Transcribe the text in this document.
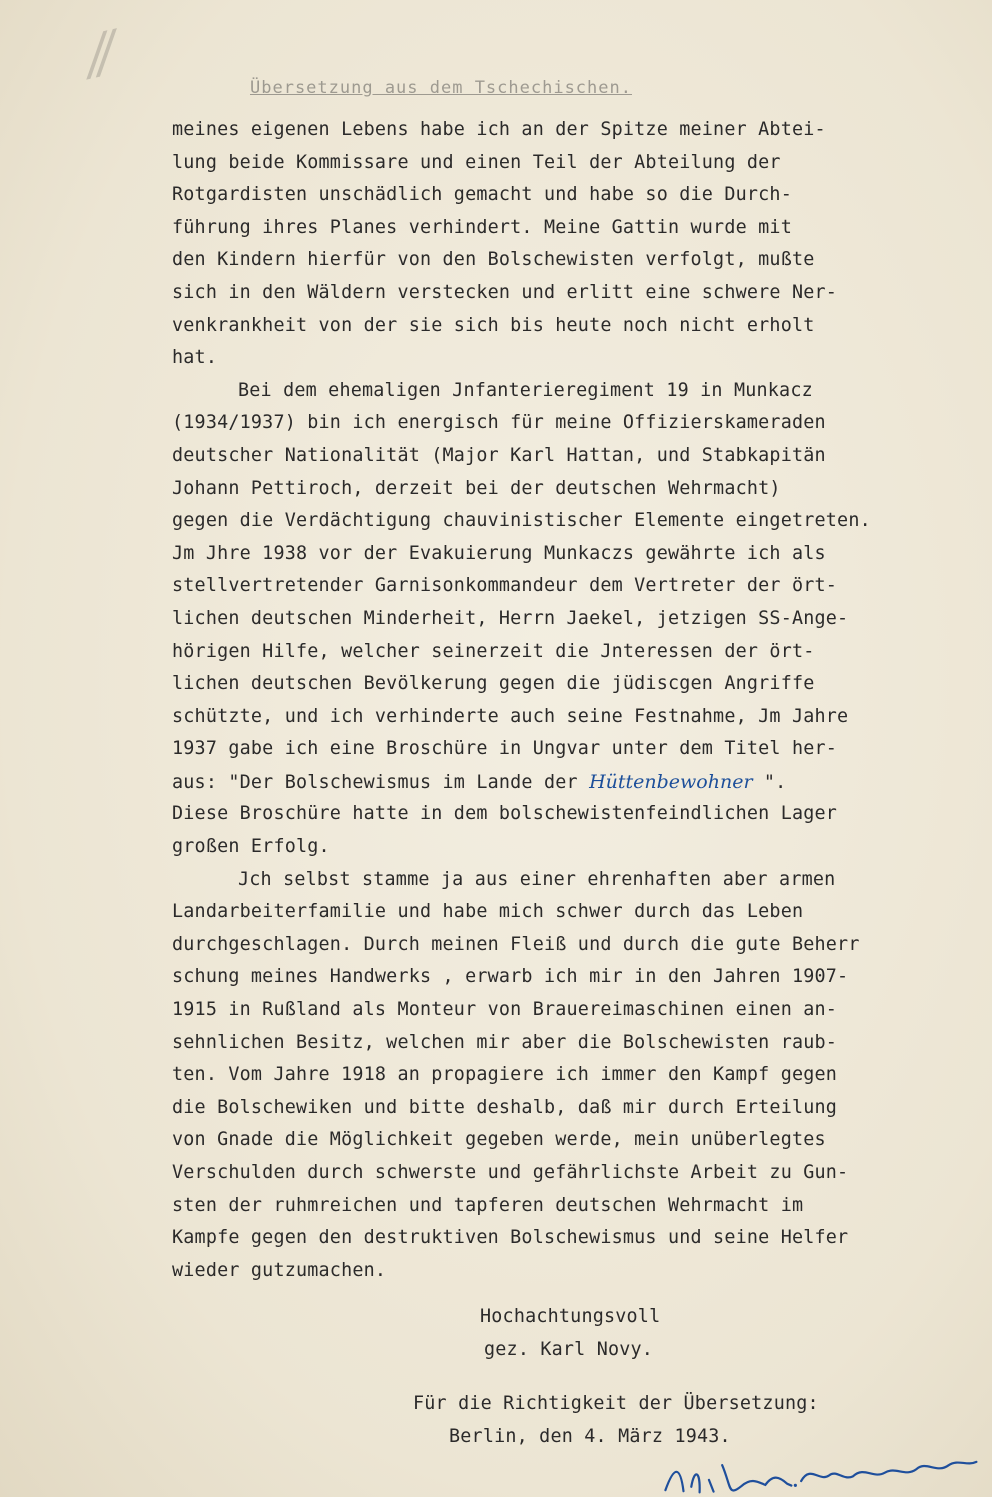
⁄⁄	Übersetzung aus dem Tschechischen.
meines eigenen Lebens habe ich an der Spitze meiner Abtei-
lung beide Kommissare und einen Teil der Abteilung der
Rotgardisten unschädlich gemacht und habe so die Durch-
führung ihres Planes verhindert. Meine Gattin wurde mit
den Kindern hierfür von den Bolschewisten verfolgt, mußte
sich in den Wäldern verstecken und erlitt eine schwere Ner-
venkrankheit von der sie sich bis heute noch nicht erholt
hat.
Bei dem ehemaligen Jnfanterieregiment 19 in Munkacz
(1934/1937) bin ich energisch für meine Offizierskameraden
deutscher Nationalität (Major Karl Hattan, und Stabkapitän
Johann Pettiroch, derzeit bei der deutschen Wehrmacht)
gegen die Verdächtigung chauvinistischer Elemente eingetreten.
Jm Jhre 1938 vor der Evakuierung Munkaczs gewährte ich als
stellvertretender Garnisonkommandeur dem Vertreter der ört-
lichen deutschen Minderheit, Herrn Jaekel, jetzigen SS-Ange-
hörigen Hilfe, welcher seinerzeit die Jnteressen der ört-
lichen deutschen Bevölkerung gegen die jüdiscgen Angriffe
schützte, und ich verhinderte auch seine Festnahme, Jm Jahre
1937 gabe ich eine Broschüre in Ungvar unter dem Titel her-
aus: "Der Bolschewismus im Lande der Hüttenbewohner ".
Diese Broschüre hatte in dem bolschewistenfeindlichen Lager
großen Erfolg.
Jch selbst stamme ja aus einer ehrenhaften aber armen
Landarbeiterfamilie und habe mich schwer durch das Leben
durchgeschlagen. Durch meinen Fleiß und durch die gute Beherr
schung meines Handwerks , erwarb ich mir in den Jahren 1907-
1915 in Rußland als Monteur von Brauereimaschinen einen an-
sehnlichen Besitz, welchen mir aber die Bolschewisten raub-
ten. Vom Jahre 1918 an propagiere ich immer den Kampf gegen
die Bolschewiken und bitte deshalb, daß mir durch Erteilung
von Gnade die Möglichkeit gegeben werde, mein unüberlegtes
Verschulden durch schwerste und gefährlichste Arbeit zu Gun-
sten der ruhmreichen und tapferen deutschen Wehrmacht im
Kampfe gegen den destruktiven Bolschewismus und seine Helfer
wieder gutzumachen.
Hochachtungsvoll
gez. Karl Novy.
Für die Richtigkeit der Übersetzung:
Berlin, den 4. März 1943.
